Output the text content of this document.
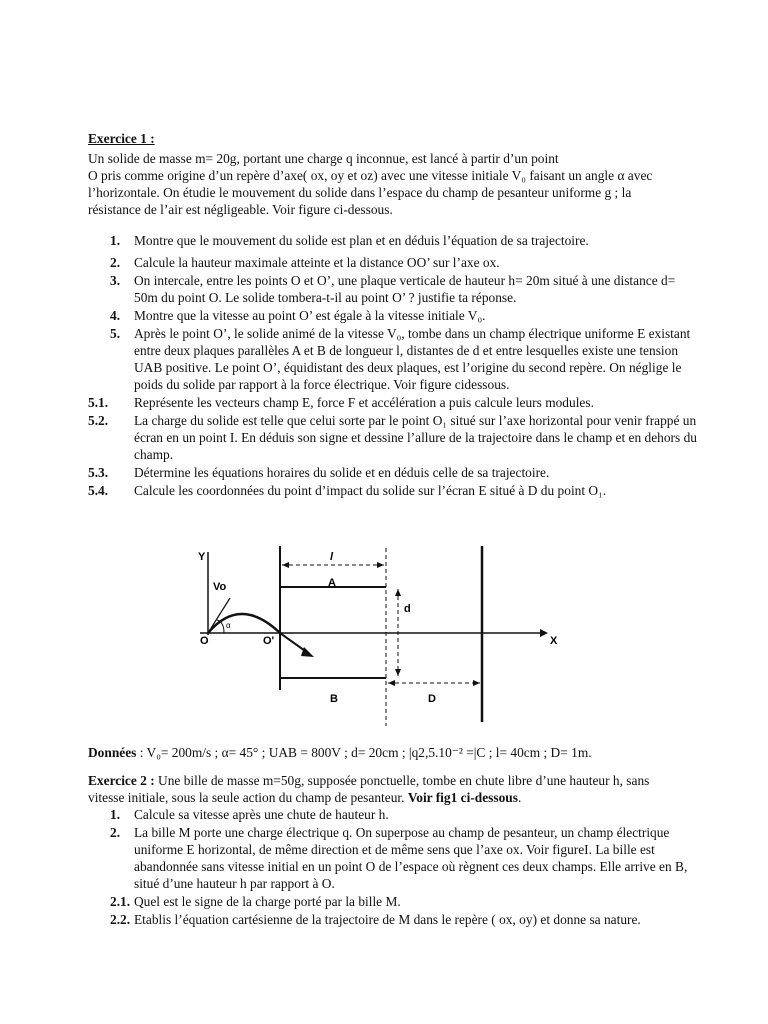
Exercice 1 :
Un solide de masse m= 20g, portant une charge q inconnue, est lancé à partir d’un point
O pris comme origine d’un repère d’axe( ox, oy et oz) avec une vitesse initiale V₀ faisant un angle α avec
l’horizontale. On étudie le mouvement du solide dans l’espace du champ de pesanteur uniforme g ; la
résistance de l’air est négligeable. Voir figure ci-dessous.
1.	Montre que le mouvement du solide est plan et en déduis l’équation de sa trajectoire.
2.	Calcule la hauteur maximale atteinte et la distance OO’ sur l’axe ox.
3.	On intercale, entre les points O et O’, une plaque verticale de hauteur h= 20m situé à une distance d= 50m du point O. Le solide tombera-t-il au point O’ ? justifie ta réponse.
4.	Montre que la vitesse au point O’ est égale à la vitesse initiale V₀.
5.	Après le point O’, le solide animé de la vitesse V₀, tombe dans un champ électrique uniforme E existant entre deux plaques parallèles A et B de longueur l, distantes de d et entre lesquelles existe une tension UAB positive. Le point O’, équidistant des deux plaques, est l’origine du second repère. On néglige le poids du solide par rapport à la force électrique. Voir figure cidessous.
5.1.	Représente les vecteurs champ E, force F et accélération a puis calcule leurs modules.
5.2.	La charge du solide est telle que celui sorte par le point O₁ situé sur l’axe horizontal pour venir frappé un écran en un point I. En déduis son signe et dessine l’allure de la trajectoire dans le champ et en dehors du champ.
5.3.	Détermine les équations horaires du solide et en déduis celle de sa trajectoire.
5.4.	Calcule les coordonnées du point d’impact du solide sur l’écran E situé à D du point O₁.
Y
Vo
O	O'	X
l
A
d
B	D
α
Données : V₀= 200m/s ; α= 45° ; UAB = 800V ; d= 20cm ; |q2,5.10⁻² =|C ; l= 40cm ; D= 1m.
Exercice 2 : Une bille de masse m=50g, supposée ponctuelle, tombe en chute libre d’une hauteur h, sans vitesse initiale, sous la seule action du champ de pesanteur. Voir fig1 ci-dessous.
1.	Calcule sa vitesse après une chute de hauteur h.
2.	La bille M porte une charge électrique q. On superpose au champ de pesanteur, un champ électrique uniforme E horizontal, de même direction et de même sens que l’axe ox. Voir figureI. La bille est abandonnée sans vitesse initial en un point O de l’espace où règnent ces deux champs. Elle arrive en B, situé d’une hauteur h par rapport à O.
2.1. Quel est le signe de la charge porté par la bille M.
2.2. Etablis l’équation cartésienne de la trajectoire de M dans le repère ( ox, oy) et donne sa nature.
